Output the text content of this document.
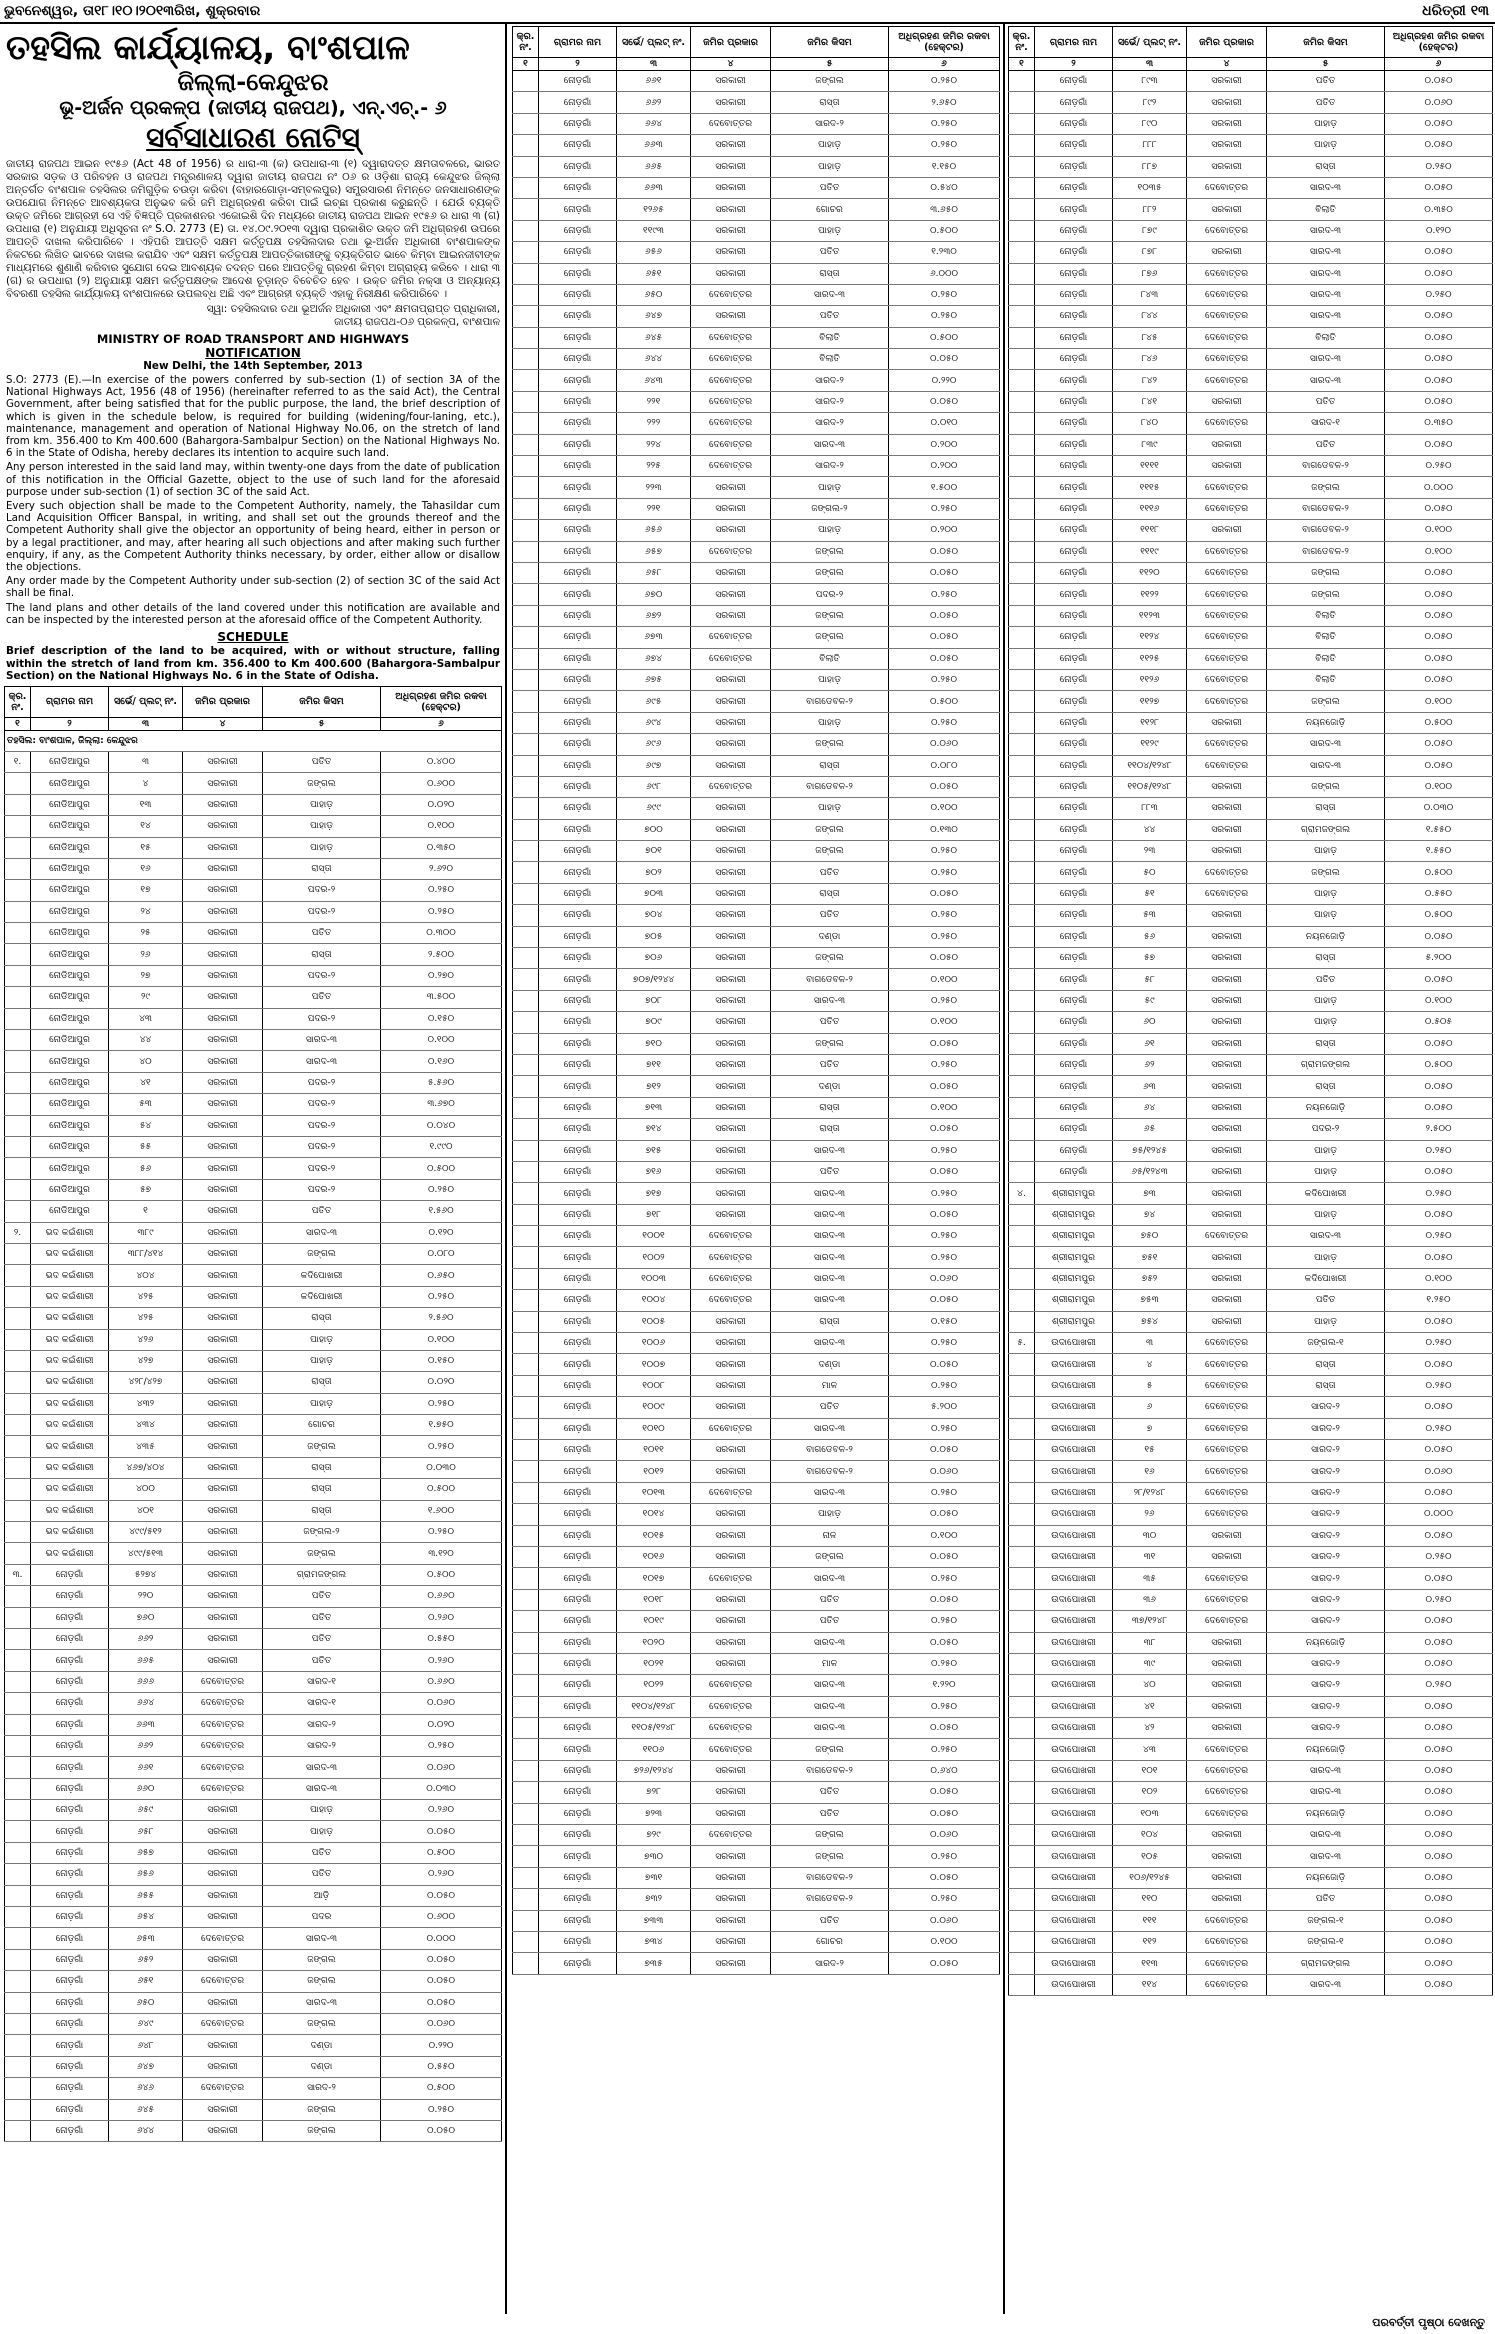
ଭୁବନେଶ୍ୱର, ତା୧୮।୧୦।୨୦୧୩ରିଖ, ଶୁକ୍ରବାର	ଧରିତ୍ରୀ ୧୩
ତହସିଲ କାର୍ଯ୍ୟାଳୟ, ବାଂଶପାଳ
ଜିଲ୍ଲା-କେନ୍ଦୁଝର
ଭୂ-ଅର୍ଜନ ପ୍ରକଳ୍ପ (ଜାତୀୟ ରାଜପଥ), ଏନ୍.ଏଚ୍.- ୬
ସର୍ବସାଧାରଣ ନୋଟିସ୍
ଜାତୀୟ ରାଜପଥ ଆଇନ ୧୯୫୬ (Act 48 of 1956) ର ଧାରା-୩ (କ) ଉପଧାରା-୩ (୧) ଦ୍ୱାରାଦତ୍ତ କ୍ଷମତାବଳରେ, ଭାରତ ସରକାର ସଡ଼କ ଓ ପରିବହନ ଓ ରାଜପଥ ମନ୍ତ୍ରଣାଳୟ ଦ୍ୱାରା ଜାତୀୟ ରାଜପଥ ନଂ ୦୬ ର ଓଡ଼ିଶା ରାଜ୍ୟ କେନ୍ଦୁଝର ଜିଲ୍ଲା ଅନ୍ତର୍ଗତ ବାଂଶପାଳ ତହସିଲର ଜମିଗୁଡ଼ିକ ଚଉଡ଼ା କରିବା (ବାହାରଗୋଡ଼ା-ସମ୍ବଲପୁର) ସମ୍ପ୍ରସାରଣ ନିମନ୍ତେ ଜନସାଧାରଣଙ୍କ ଉପଯୋଗ ନିମନ୍ତେ ଆବଶ୍ୟକତା ଅନୁଭବ କରି ଜମି ଅଧିଗ୍ରହଣ କରିବା ପାଇଁ ଇଚ୍ଛା ପ୍ରକାଶ କରୁଛନ୍ତି । ଯେଉଁ ବ୍ୟକ୍ତି ଉକ୍ତ ଜମିରେ ଆଗ୍ରହୀ ସେ ଏହି ବିଜ୍ଞପ୍ତି ପ୍ରକାଶନର ଏକୋଇଶି ଦିନ ମଧ୍ୟରେ ଜାତୀୟ ରାଜପଥ ଆଇନ ୧୯୫୬ ର ଧାରା ୩ (ଗ) ଉପଧାରା (୧) ଅନୁଯାୟୀ ଅଧିସୂଚନା ନଂ S.O. 2773 (E) ତା. ୧୪.୦୯.୨୦୧୩ ଦ୍ୱାରା ପ୍ରକାଶିତ ଉକ୍ତ ଜମି ଅଧିଗ୍ରହଣ ଉପରେ ଆପତ୍ତି ଦାଖଲ କରିପାରିବେ । ଏହିପରି ଆପତ୍ତି ସକ୍ଷମ କର୍ତ୍ତୃପକ୍ଷ ତହସିଲଦାର ତଥା ଭୂ-ଅର୍ଜନ ଅଧିକାରୀ ବାଂଶପାଳଙ୍କ ନିକଟରେ ଲିଖିତ ଭାବରେ ଦାଖଲ କରାଯିବ ଏବଂ ସକ୍ଷମ କର୍ତ୍ତୃପକ୍ଷ ଆପତ୍ତିକାରୀଙ୍କୁ ବ୍ୟକ୍ତିଗତ ଭାବେ କିମ୍ବା ଆଇନଜୀବୀଙ୍କ ମାଧ୍ୟମରେ ଶୁଣାଣି କରିବାର ସୁଯୋଗ ଦେଇ ଆବଶ୍ୟକ ତଦନ୍ତ ପରେ ଆପତ୍ତିକୁ ଗ୍ରହଣ କିମ୍ବା ଅଗ୍ରାହ୍ୟ କରିବେ । ଧାରା ୩ (ଗ) ର ଉପଧାରା (୨) ଅନୁଯାୟୀ ସକ୍ଷମ କର୍ତ୍ତୃପକ୍ଷଙ୍କ ଆଦେଶ ଚୂଡ଼ାନ୍ତ ବିବେଚିତ ହେବ । ଉକ୍ତ ଜମିର ନକ୍ସା ଓ ଅନ୍ୟାନ୍ୟ ବିବରଣୀ ତହସିଲ କାର୍ଯ୍ୟାଳୟ ବାଂଶପାଳରେ ଉପଲବ୍ଧ ଅଛି ଏବଂ ଆଗ୍ରହୀ ବ୍ୟକ୍ତି ଏହାକୁ ନିରୀକ୍ଷଣ କରିପାରିବେ ।
ସ୍ୱା: ତହସିଲଦାର ତଥା ଭୂଅର୍ଜନ ଅଧିକାରୀ ଏବଂ କ୍ଷମତାପ୍ରାପ୍ତ ପ୍ରାଧିକାରୀ,
ଜାତୀୟ ରାଜପଥ-୦୬ ପ୍ରକଳ୍ପ, ବାଂଶପାଳ
MINISTRY OF ROAD TRANSPORT AND HIGHWAYS
NOTIFICATION
New Delhi, the 14th September, 2013
S.O: 2773 (E).—In exercise of the powers conferred by sub-section (1) of section 3A of the National Highways Act, 1956 (48 of 1956) (hereinafter referred to as the said Act), the Central Government, after being satisfied that for the public purpose, the land, the brief description of which is given in the schedule below, is required for building (widening/four-laning, etc.), maintenance, management and operation of National Highway No.06, on the stretch of land from km. 356.400 to Km 400.600 (Bahargora-Sambalpur Section) on the National Highways No. 6 in the State of Odisha, hereby declares its intention to acquire such land.
Any person interested in the said land may, within twenty-one days from the date of publication of this notification in the Official Gazette, object to the use of such land for the aforesaid purpose under sub-section (1) of section 3C of the said Act.
Every such objection shall be made to the Competent Authority, namely, the Tahasildar cum Land Acquisition Officer Banspal, in writing, and shall set out the grounds thereof and the Competent Authority shall give the objector an opportunity of being heard, either in person or by a legal practitioner, and may, after hearing all such objections and after making such further enquiry, if any, as the Competent Authority thinks necessary, by order, either allow or disallow the objections.
Any order made by the Competent Authority under sub-section (2) of section 3C of the said Act shall be final.
The land plans and other details of the land covered under this notification are available and can be inspected by the interested person at the aforesaid office of the Competent Authority.
SCHEDULE
Brief description of the land to be acquired, with or without structure, falling within the stretch of land from km. 356.400 to Km 400.600 (Bahargora-Sambalpur Section) on the National Highways No. 6 in the State of Odisha.
କ୍ର. ନଂ.	ଗ୍ରାମର ନାମ	ସର୍ଭେ/ ପ୍ଲଟ୍ ନଂ.	ଜମିର ପ୍ରକାର	ଜମିର କିସମ	ଅଧିଗ୍ରହଣ ଜମିର ରକବା (ହେକ୍ଟର)
୧	୨	୩	୪	୫	୬
ତହସିଲ: ବାଂଶପାଳ, ଜିଲ୍ଲା: କେନ୍ଦୁଝର					
୧.	ନୋଡିଆପୁର	୩	ସରକାରୀ	ପତିତ	୦.୪୦୦
	ନୋଡିଆପୁର	୪	ସରକାରୀ	ଜଙ୍ଗଲ	୦.୬୦୦
	ନୋଡିଆପୁର	୧୩	ସରକାରୀ	ପାହାଡ଼	୦.୦୨୦
	ନୋଡିଆପୁର	୧୪	ସରକାରୀ	ପାହାଡ଼	୦.୧୦୦
	ନୋଡିଆପୁର	୧୫	ସରକାରୀ	ପାହାଡ଼	୦.୩୫୦
	ନୋଡିଆପୁର	୧୬	ସରକାରୀ	ରାସ୍ତା	୨.୬୨୦
	ନୋଡିଆପୁର	୧୭	ସରକାରୀ	ପଦର-୨	୦.୨୫୦
	ନୋଡିଆପୁର	୨୪	ସରକାରୀ	ପଦର-୨	୦.୨୫୦
	ନୋଡିଆପୁର	୨୫	ସରକାରୀ	ପତିତ	୦.୩୦୦
	ନୋଡିଆପୁର	୨୬	ସରକାରୀ	ରାସ୍ତା	୨.୫୦୦
	ନୋଡିଆପୁର	୨୭	ସରକାରୀ	ପଦର-୨	୦.୨୭୦
	ନୋଡିଆପୁର	୨୯	ସରକାରୀ	ପତିତ	୩.୫୦୦
	ନୋଡିଆପୁର	୪୩	ସରକାରୀ	ପଦର-୨	୦.୧୫୦
	ନୋଡିଆପୁର	୪୪	ସରକାରୀ	ସାରଦ-୩	୦.୧୦୦
	ନୋଡିଆପୁର	୪୦	ସରକାରୀ	ସାରଦ-୩	୦.୧୬୦
	ନୋଡିଆପୁର	୪୧	ସରକାରୀ	ପଦର-୨	୫.୫୬୦
	ନୋଡିଆପୁର	୫୩	ସରକାରୀ	ପଦର-୨	୩.୬୭୦
	ନୋଡିଆପୁର	୫୪	ସରକାରୀ	ପଦର-୨	୦.୦୪୦
	ନୋଡିଆପୁର	୫୫	ସରକାରୀ	ପଦର-୨	୧.୯୯୦
	ନୋଡିଆପୁର	୫୬	ସରକାରୀ	ପଦର-୨	୦.୫୦୦
	ନୋଡିଆପୁର	୫୭	ସରକାରୀ	ପଦର-୨	୦.୨୫୦
	ନୋଡିଆପୁର	୧	ସରକାରୀ	ପତିତ	୧.୫୬୦
୨.	ଭଦ କଇଁଶାରୀ	୩୮୯	ସରକାରୀ	ସାରଦ-୩	୦.୧୨୦
	ଭଦ କଇଁଶାରୀ	୩୮୮/୪୧୪	ସରକାରୀ	ଜଙ୍ଗଲ	୦.୦୮୦
	ଭଦ କଇଁଶାରୀ	୪୦୪	ସରକାରୀ	କଦିପୋଖରୀ	୦.୬୫୦
	ଭଦ କଇଁଶାରୀ	୪୨୫	ସରକାରୀ	କଦିପୋଖରୀ	୦.୨୫୦
	ଭଦ କଇଁଶାରୀ	୪୨୫	ସରକାରୀ	ରାସ୍ତା	୨.୫୬୦
	ଭଦ କଇଁଶାରୀ	୪୨୬	ସରକାରୀ	ପାହାଡ଼	୦.୧୦୦
	ଭଦ କଇଁଶାରୀ	୪୨୭	ସରକାରୀ	ପାହାଡ଼	୦.୧୫୦
	ଭଦ କଇଁଶାରୀ	୪୨୮/୪୨୭	ସରକାରୀ	ରାସ୍ତା	୦.୦୨୦
	ଭଦ କଇଁଶାରୀ	୪୩୨	ସରକାରୀ	ପାହାଡ଼	୦.୨୫୦
	ଭଦ କଇଁଶାରୀ	୪୩୪	ସରକାରୀ	ଗୋଚର	୧.୭୫୦
	ଭଦ କଇଁଶାରୀ	୪୩୫	ସରକାରୀ	ଜଙ୍ଗଲ	୦.୨୫୦
	ଭଦ କଇଁଶାରୀ	୪୬୭/୪୦୪	ସରକାରୀ	ରାସ୍ତା	୦.୦୩୦
	ଭଦ କଇଁଶାରୀ	୪୦୦	ସରକାରୀ	ରାସ୍ତା	୦.୫୦୦
	ଭଦ କଇଁଶାରୀ	୪୦୧	ସରକାରୀ	ରାସ୍ତା	୧.୬୦୦
	ଭଦ କଇଁଶାରୀ	୪୯୯/୫୧୨	ସରକାରୀ	ଜଙ୍ଗଲ-୨	୦.୨୫୦
	ଭଦ କଇଁଶାରୀ	୪୯୯/୫୧୩	ସରକାରୀ	ଜଙ୍ଗଲ	୩.୧୨୦
୩.	ନୋଡ଼ଗାଁ	୫୨୭୪	ସରକାରୀ	ଗ୍ରାମଜଙ୍ଗଲ	୦.୫୦୦
	ନୋଡ଼ଗାଁ	୨୨୦	ସରକାରୀ	ପତିତ	୦.୬୬୦
	ନୋଡ଼ଗାଁ	୭୬୦	ସରକାରୀ	ପତିତ	୦.୨୬୦
	ନୋଡ଼ଗାଁ	୬୬୨	ସରକାରୀ	ପତିତ	୦.୫୫୦
	ନୋଡ଼ଗାଁ	୬୬୫	ସରକାରୀ	ପତିତ	୦.୨୬୦
	ନୋଡ଼ଗାଁ	୬୬୬	ଦେବୋତ୍ତର	ସାରଦ-୧	୦.୬୬୦
	ନୋଡ଼ଗାଁ	୬୬୪	ଦେବୋତ୍ତର	ସାରଦ-୧	୦.୦୬୦
	ନୋଡ଼ଗାଁ	୬୬୩	ଦେବୋତ୍ତର	ସାରଦ-୨	୦.୦୨୦
	ନୋଡ଼ଗାଁ	୬୬୨	ଦେବୋତ୍ତର	ସାରଦ-୨	୦.୨୫୦
	ନୋଡ଼ଗାଁ	୬୬୧	ଦେବୋତ୍ତର	ସାରଦ-୩	୦.୦୬୦
	ନୋଡ଼ଗାଁ	୬୬୦	ଦେବୋତ୍ତର	ସାରଦ-୩	୦.୦୩୦
	ନୋଡ଼ଗାଁ	୬୫୯	ସରକାରୀ	ପାହାଡ଼	୦.୨୬୦
	ନୋଡ଼ଗାଁ	୬୫୮	ସରକାରୀ	ପାହାଡ଼	୦.୦୫୦
	ନୋଡ଼ଗାଁ	୬୫୭	ସରକାରୀ	ପତିତ	୦.୫୦୦
	ନୋଡ଼ଗାଁ	୬୫୬	ସରକାରୀ	ପତିତ	୦.୨୬୦
	ନୋଡ଼ଗାଁ	୬୫୫	ସରକାରୀ	ଆଡ଼ି	୦.୦୫୦
	ନୋଡ଼ଗାଁ	୬୫୪	ସରକାରୀ	ପଦର	୦.୬୦୦
	ନୋଡ଼ଗାଁ	୬୫୩	ଦେବୋତ୍ତର	ସାରଦ-୩	୦.୦୦୦
	ନୋଡ଼ଗାଁ	୬୫୨	ସରକାରୀ	ଜଙ୍ଗଲ	୦.୦୫୦
	ନୋଡ଼ଗାଁ	୬୫୧	ଦେବୋତ୍ତର	ଜଙ୍ଗଲ	୦.୦୫୦
	ନୋଡ଼ଗାଁ	୬୫୦	ସରକାରୀ	ସାରଦ-୩	୦.୦୫୦
	ନୋଡ଼ଗାଁ	୬୪୯	ଦେବୋତ୍ତର	ଜଙ୍ଗଲ	୦.୦୬୦
	ନୋଡ଼ଗାଁ	୬୪୮	ସରକାରୀ	ଦଣ୍ଡା	୦.୨୨୦
	ନୋଡ଼ଗାଁ	୬୪୭	ସରକାରୀ	ଦଣ୍ଡା	୦.୫୫୦
	ନୋଡ଼ଗାଁ	୬୪୬	ଦେବୋତ୍ତର	ସାରଦ-୨	୦.୫୦୦
	ନୋଡ଼ଗାଁ	୬୪୫	ସରକାରୀ	ଜଙ୍ଗଲ	୦.୨୫୦
	ନୋଡ଼ଗାଁ	୬୪୪	ସରକାରୀ	ଜଙ୍ଗଲ	୦.୦୫୦
କ୍ର. ନଂ.	ଗ୍ରାମର ନାମ	ସର୍ଭେ/ ପ୍ଲଟ୍ ନଂ.	ଜମିର ପ୍ରକାର	ଜମିର କିସମ	ଅଧିଗ୍ରହଣ ଜମିର ରକବା (ହେକ୍ଟର)
୧	୨	୩	୪	୫	୬
	ନୋଡ଼ଗାଁ	୬୬୧	ସରକାରୀ	ଜଙ୍ଗଲ	୦.୨୫୦
	ନୋଡ଼ଗାଁ	୬୬୨	ସରକାରୀ	ରାସ୍ତା	୨.୬୫୦
	ନୋଡ଼ଗାଁ	୬୬୪	ଦେବୋତ୍ତର	ସାରଦ-୨	୦.୨୫୦
	ନୋଡ଼ଗାଁ	୬୬୩	ସରକାରୀ	ପାହାଡ଼	୦.୨୫୦
	ନୋଡ଼ଗାଁ	୬୬୫	ସରକାରୀ	ପାହାଡ଼	୧.୧୫୦
	ନୋଡ଼ଗାଁ	୬୬୩	ସରକାରୀ	ପତିତ	୦.୫୪୦
	ନୋଡ଼ଗାଁ	୧୨୬୫	ସରକାରୀ	ଗୋଚର	୩.୬୫୦
	ନୋଡ଼ଗାଁ	୧୧୯୩	ସରକାରୀ	ପାହାଡ଼	୦.୫୦୦
	ନୋଡ଼ଗାଁ	୬୫୬	ସରକାରୀ	ପତିତ	୧.୨୩୦
	ନୋଡ଼ଗାଁ	୬୫୧	ସରକାରୀ	ରାସ୍ତା	୬.୦୦୦
	ନୋଡ଼ଗାଁ	୬୫୦	ଦେବୋତ୍ତର	ସାରଦ-୩	୦.୨୫୦
	ନୋଡ଼ଗାଁ	୬୪୭	ସରକାରୀ	ପତିତ	୦.୨୫୦
	ନୋଡ଼ଗାଁ	୬୪୫	ଦେବୋତ୍ତର	ବିଲାତି	୦.୫୦୦
	ନୋଡ଼ଗାଁ	୬୪୪	ଦେବୋତ୍ତର	ବିଲାତି	୦.୦୫୦
	ନୋଡ଼ଗାଁ	୬୪୩	ଦେବୋତ୍ତର	ସାରଦ-୨	୦.୨୨୦
	ନୋଡ଼ଗାଁ	୨୨୧	ଦେବୋତ୍ତର	ସାରଦ-୨	୦.୦୫୦
	ନୋଡ଼ଗାଁ	୨୨୨	ଦେବୋତ୍ତର	ସାରଦ-୨	୦.୦୧୦
	ନୋଡ଼ଗାଁ	୨୨୪	ଦେବୋତ୍ତର	ସାରଦ-୩	୦.୨୦୦
	ନୋଡ଼ଗାଁ	୨୨୫	ଦେବୋତ୍ତର	ସାରଦ-୨	୦.୨୦୦
	ନୋଡ଼ଗାଁ	୨୨୩	ସରକାରୀ	ପାହାଡ଼	୧.୫୦୦
	ନୋଡ଼ଗାଁ	୨୨୧	ସରକାରୀ	ଜଙ୍ଗଲ-୨	୦.୨୫୦
	ନୋଡ଼ଗାଁ	୬୫୬	ସରକାରୀ	ପାହାଡ଼	୦.୨୦୦
	ନୋଡ଼ଗାଁ	୬୫୭	ଦେବୋତ୍ତର	ଜଙ୍ଗଲ	୦.୦୫୦
	ନୋଡ଼ଗାଁ	୬୫୮	ସରକାରୀ	ଜଙ୍ଗଲ	୦.୦୫୦
	ନୋଡ଼ଗାଁ	୬୭୦	ସରକାରୀ	ପଦର-୨	୦.୨୫୦
	ନୋଡ଼ଗାଁ	୬୭୨	ସରକାରୀ	ଜଙ୍ଗଲ	୦.୦୫୦
	ନୋଡ଼ଗାଁ	୬୭୩	ଦେବୋତ୍ତର	ଜଙ୍ଗଲ	୦.୦୫୦
	ନୋଡ଼ଗାଁ	୬୭୪	ଦେବୋତ୍ତର	ବିଲାତି	୦.୦୫୦
	ନୋଡ଼ଗାଁ	୬୭୫	ସରକାରୀ	ପାହାଡ଼	୦.୨୫୦
	ନୋଡ଼ଗାଁ	୬୯୫	ସରକାରୀ	ବାଗଡେବଳ-୨	୦.୫୦୦
	ନୋଡ଼ଗାଁ	୬୯୪	ସରକାରୀ	ପାହାଡ଼	୦.୨୫୦
	ନୋଡ଼ଗାଁ	୬୯୬	ସରକାରୀ	ଜଙ୍ଗଲ	୦.୦୬୦
	ନୋଡ଼ଗାଁ	୬୯୭	ସରକାରୀ	ରାସ୍ତା	୦.୦୮୦
	ନୋଡ଼ଗାଁ	୬୯୮	ଦେବୋତ୍ତର	ବାଗଡେବଳ-୨	୦.୦୫୦
	ନୋଡ଼ଗାଁ	୬୯୯	ସରକାରୀ	ପାହାଡ଼	୦.୧୦୦
	ନୋଡ଼ଗାଁ	୭୦୦	ସରକାରୀ	ଜଙ୍ଗଲ	୦.୧୩୦
	ନୋଡ଼ଗାଁ	୭୦୧	ସରକାରୀ	ଜଙ୍ଗଲ	୦.୨୫୦
	ନୋଡ଼ଗାଁ	୭୦୨	ସରକାରୀ	ପତିତ	୦.୨୫୦
	ନୋଡ଼ଗାଁ	୭୦୩	ସରକାରୀ	ରାସ୍ତା	୦.୦୫୦
	ନୋଡ଼ଗାଁ	୭୦୪	ସରକାରୀ	ପତିତ	୦.୨୫୦
	ନୋଡ଼ଗାଁ	୭୦୫	ସରକାରୀ	ଦଣ୍ଡା	୦.୨୫୦
	ନୋଡ଼ଗାଁ	୭୦୬	ସରକାରୀ	ଜଙ୍ଗଲ	୦.୦୫୦
	ନୋଡ଼ଗାଁ	୭୦୭/୧୨୪୪	ସରକାରୀ	ବାଗଡେବଳ-୨	୦.୧୦୦
	ନୋଡ଼ଗାଁ	୭୦୮	ସରକାରୀ	ସାରଦ-୩	୦.୨୫୦
	ନୋଡ଼ଗାଁ	୭୦୯	ସରକାରୀ	ପତିତ	୦.୧୦୦
	ନୋଡ଼ଗାଁ	୭୧୦	ସରକାରୀ	ଜଙ୍ଗଲ	୦.୦୫୦
	ନୋଡ଼ଗାଁ	୭୧୧	ସରକାରୀ	ପତିତ	୦.୨୫୦
	ନୋଡ଼ଗାଁ	୭୧୨	ସରକାରୀ	ଦଣ୍ଡା	୦.୦୫୦
	ନୋଡ଼ଗାଁ	୭୧୩	ସରକାରୀ	ରାସ୍ତା	୦.୧୦୦
	ନୋଡ଼ଗାଁ	୭୧୪	ସରକାରୀ	ରାସ୍ତା	୦.୦୫୦
	ନୋଡ଼ଗାଁ	୭୧୫	ସରକାରୀ	ସାରଦ-୩	୦.୨୫୦
	ନୋଡ଼ଗାଁ	୭୧୬	ସରକାରୀ	ପତିତ	୦.୦୫୦
	ନୋଡ଼ଗାଁ	୭୧୭	ସରକାରୀ	ସାରଦ-୩	୦.୨୫୦
	ନୋଡ଼ଗାଁ	୭୧୮	ସରକାରୀ	ସାରଦ-୩	୦.୦୫୦
	ନୋଡ଼ଗାଁ	୧୦୦୧	ଦେବୋତ୍ତର	ସାରଦ-୩	୦.୨୫୦
	ନୋଡ଼ଗାଁ	୧୦୦୨	ଦେବୋତ୍ତର	ସାରଦ-୩	୦.୨୫୦
	ନୋଡ଼ଗାଁ	୧୦୦୩	ଦେବୋତ୍ତର	ସାରଦ-୩	୦.୦୬୦
	ନୋଡ଼ଗାଁ	୧୦୦୪	ଦେବୋତ୍ତର	ସାରଦ-୩	୦.୦୫୦
	ନୋଡ଼ଗାଁ	୧୦୦୫	ସରକାରୀ	ରାସ୍ତା	୦.୧୫୦
	ନୋଡ଼ଗାଁ	୧୦୦୬	ସରକାରୀ	ସାରଦ-୩	୦.୨୫୦
	ନୋଡ଼ଗାଁ	୧୦୦୭	ସରକାରୀ	ଦଣ୍ଡା	୦.୦୫୦
	ନୋଡ଼ଗାଁ	୧୦୦୮	ସରକାରୀ	ମାଳ	୦.୨୫୦
	ନୋଡ଼ଗାଁ	୧୦୦୯	ସରକାରୀ	ପତିତ	୫.୨୦୦
	ନୋଡ଼ଗାଁ	୧୦୧୦	ଦେବୋତ୍ତର	ସାରଦ-୩	୦.୨୫୦
	ନୋଡ଼ଗାଁ	୧୦୧୧	ସରକାରୀ	ବାଗଡେବଳ-୨	୦.୦୫୦
	ନୋଡ଼ଗାଁ	୧୦୧୨	ସରକାରୀ	ବାଗଡେବଳ-୨	୦.୦୬୦
	ନୋଡ଼ଗାଁ	୧୦୧୩	ଦେବୋତ୍ତର	ସାରଦ-୩	୦.୨୫୦
	ନୋଡ଼ଗାଁ	୧୦୧୪	ସରକାରୀ	ପାହାଡ଼	୦.୦୫୦
	ନୋଡ଼ଗାଁ	୧୦୧୫	ସରକାରୀ	ନାଳ	୦.୧୦୦
	ନୋଡ଼ଗାଁ	୧୦୧୬	ସରକାରୀ	ଜଙ୍ଗଲ	୦.୦୫୦
	ନୋଡ଼ଗାଁ	୧୦୧୭	ଦେବୋତ୍ତର	ସାରଦ-୩	୦.୨୫୦
	ନୋଡ଼ଗାଁ	୧୦୧୮	ସରକାରୀ	ପତିତ	୦.୦୫୦
	ନୋଡ଼ଗାଁ	୧୦୧୯	ସରକାରୀ	ପତିତ	୦.୨୫୦
	ନୋଡ଼ଗାଁ	୧୦୨୦	ସରକାରୀ	ସାରଦ-୩	୦.୦୫୦
	ନୋଡ଼ଗାଁ	୧୦୨୧	ସରକାରୀ	ମାଳ	୦.୨୫୦
	ନୋଡ଼ଗାଁ	୧୦୨୨	ଦେବୋତ୍ତର	ସାରଦ-୩	୧.୨୨୦
	ନୋଡ଼ଗାଁ	୧୧୦୪/୧୨୪୮	ଦେବୋତ୍ତର	ସାରଦ-୩	୦.୨୫୦
	ନୋଡ଼ଗାଁ	୧୧୦୫/୧୨୪୮	ଦେବୋତ୍ତର	ସାରଦ-୩	୦.୦୫୦
	ନୋଡ଼ଗାଁ	୧୧୦୬	ଦେବୋତ୍ତର	ଜଙ୍ଗଲ	୦.୨୫୦
	ନୋଡ଼ଗାଁ	୭୨୬/୧୨୪୪	ସରକାରୀ	ବାଗଡେବଳ-୨	୦.୬୪୦
	ନୋଡ଼ଗାଁ	୭୨୮	ସରକାରୀ	ପତିତ	୦.୦୫୦
	ନୋଡ଼ଗାଁ	୭୨୩	ସରକାରୀ	ପତିତ	୦.୦୫୦
	ନୋଡ଼ଗାଁ	୭୨୯	ଦେବୋତ୍ତର	ଜଙ୍ଗଲ	୦.୦୬୦
	ନୋଡ଼ଗାଁ	୭୩୦	ସରକାରୀ	ଜଙ୍ଗଲ	୦.୨୫୦
	ନୋଡ଼ଗାଁ	୭୩୧	ସରକାରୀ	ବାଗଡେବଳ-୨	୦.୦୫୦
	ନୋଡ଼ଗାଁ	୭୩୨	ସରକାରୀ	ବାଗଡେବଳ-୨	୦.୨୫୦
	ନୋଡ଼ଗାଁ	୭୩୩	ସରକାରୀ	ପତିତ	୦.୦୬୦
	ନୋଡ଼ଗାଁ	୭୩୪	ସରକାରୀ	ଗୋଚର	୦.୧୦୦
	ନୋଡ଼ଗାଁ	୭୩୫	ସରକାରୀ	ସାରଦ-୨	୦.୦୫୦
କ୍ର. ନଂ.	ଗ୍ରାମର ନାମ	ସର୍ଭେ/ ପ୍ଲଟ୍ ନଂ.	ଜମିର ପ୍ରକାର	ଜମିର କିସମ	ଅଧିଗ୍ରହଣ ଜମିର ରକବା (ହେକ୍ଟର)
୧	୨	୩	୪	୫	୬
	ନୋଡ଼ଗାଁ	୮୯୩	ସରକାରୀ	ପତିତ	୦.୦୫୦
	ନୋଡ଼ଗାଁ	୮୯୨	ସରକାରୀ	ପତିତ	୦.୦୬୦
	ନୋଡ଼ଗାଁ	୮୯୦	ସରକାରୀ	ପାହାଡ଼	୦.୦୫୦
	ନୋଡ଼ଗାଁ	୮୮୮	ସରକାରୀ	ପାହାଡ଼	୦.୦୫୦
	ନୋଡ଼ଗାଁ	୮୮୭	ସରକାରୀ	ରାସ୍ତା	୦.୨୫୦
	ନୋଡ଼ଗାଁ	୧୦୩୫	ଦେବୋତ୍ତର	ସାରଦ-୩	୦.୦୫୦
	ନୋଡ଼ଗାଁ	୮୮୨	ସରକାରୀ	ବିଲାତି	୦.୩୫୦
	ନୋଡ଼ଗାଁ	୮୭୯	ଦେବୋତ୍ତର	ସାରଦ-୩	୦.୧୨୦
	ନୋଡ଼ଗାଁ	୮୭୮	ସରକାରୀ	ସାରଦ-୩	୦.୦୫୦
	ନୋଡ଼ଗାଁ	୮୭୬	ଦେବୋତ୍ତର	ସାରଦ-୩	୦.୦୫୦
	ନୋଡ଼ଗାଁ	୮୪୩	ଦେବୋତ୍ତର	ସାରଦ-୩	୦.୨୫୦
	ନୋଡ଼ଗାଁ	୮୪୪	ଦେବୋତ୍ତର	ସାରଦ-୩	୦.୦୫୦
	ନୋଡ଼ଗାଁ	୮୪୫	ଦେବୋତ୍ତର	ବିଲାତି	୦.୦୫୦
	ନୋଡ଼ଗାଁ	୮୪୬	ଦେବୋତ୍ତର	ସାରଦ-୩	୦.୦୫୦
	ନୋଡ଼ଗାଁ	୮୪୨	ଦେବୋତ୍ତର	ସାରଦ-୩	୦.୦୫୦
	ନୋଡ଼ଗାଁ	୮୪୧	ସରକାରୀ	ପତିତ	୦.୦୫୦
	ନୋଡ଼ଗାଁ	୮୪୦	ଦେବୋତ୍ତର	ସାରଦ-୧	୦.୩୫୦
	ନୋଡ଼ଗାଁ	୮୩୯	ସରକାରୀ	ପତିତ	୦.୦୫୦
	ନୋଡ଼ଗାଁ	୧୧୧୧	ସରକାରୀ	ବାଗଡେବଳ-୨	୦.୨୫୦
	ନୋଡ଼ଗାଁ	୧୧୧୫	ଦେବୋତ୍ତର	ଜଙ୍ଗଲ	୦.୦୦୦
	ନୋଡ଼ଗାଁ	୧୧୧୬	ଦେବୋତ୍ତର	ବାଗଡେବଳ-୨	୦.୦୫୦
	ନୋଡ଼ଗାଁ	୧୧୧୮	ସରକାରୀ	ବାଗଡେବଳ-୨	୦.୧୦୦
	ନୋଡ଼ଗାଁ	୧୧୧୯	ଦେବୋତ୍ତର	ବାଗଡେବଳ-୨	୦.୧୦୦
	ନୋଡ଼ଗାଁ	୧୧୨୦	ଦେବୋତ୍ତର	ଜଙ୍ଗଲ	୦.୦୫୦
	ନୋଡ଼ଗାଁ	୧୧୨୨	ଦେବୋତ୍ତର	ଜଙ୍ଗଲ	୦.୦୫୦
	ନୋଡ଼ଗାଁ	୧୧୨୩	ଦେବୋତ୍ତର	ବିଲାତି	୦.୦୫୦
	ନୋଡ଼ଗାଁ	୧୧୨୪	ଦେବୋତ୍ତର	ବିଲାତି	୦.୦୫୦
	ନୋଡ଼ଗାଁ	୧୧୨୫	ଦେବୋତ୍ତର	ବିଲାତି	୦.୦୫୦
	ନୋଡ଼ଗାଁ	୧୧୨୬	ଦେବୋତ୍ତର	ବିଲାତି	୦.୦୫୦
	ନୋଡ଼ଗାଁ	୧୧୨୭	ଦେବୋତ୍ତର	ଜଙ୍ଗଲ	୦.୧୦୦
	ନୋଡ଼ଗାଁ	୧୧୨୮	ସରକାରୀ	ନୟନଜୋଡ଼ି	୦.୫୦୦
	ନୋଡ଼ଗାଁ	୧୧୨୯	ଦେବୋତ୍ତର	ସାରଦ-୩	୦.୦୫୦
	ନୋଡ଼ଗାଁ	୧୧୦୪/୧୨୪୮	ଦେବୋତ୍ତର	ସାରଦ-୩	୦.୦୫୦
	ନୋଡ଼ଗାଁ	୧୧୦୫/୧୨୪୮	ସରକାରୀ	ଜଙ୍ଗଲ	୦.୧୦୦
	ନୋଡ଼ଗାଁ	୮୮୩	ସରକାରୀ	ରାସ୍ତା	୦.୦୩୦
	ନୋଡ଼ଗାଁ	୪୪	ସରକାରୀ	ଗ୍ରାମଜଙ୍ଗଲ	୧.୫୫୦
	ନୋଡ଼ଗାଁ	୨୩	ସରକାରୀ	ପାହାଡ଼	୧.୫୫୦
	ନୋଡ଼ଗାଁ	୫୦	ଦେବୋତ୍ତର	ଜଙ୍ଗଲ	୦.୫୦୦
	ନୋଡ଼ଗାଁ	୫୧	ଦେବୋତ୍ତର	ପାହାଡ଼	୦.୫୫୦
	ନୋଡ଼ଗାଁ	୫୩	ସରକାରୀ	ପାହାଡ଼	୦.୫୦୦
	ନୋଡ଼ଗାଁ	୫୬	ସରକାରୀ	ନୟନଜୋଡ଼ି	୦.୦୫୦
	ନୋଡ଼ଗାଁ	୫୭	ସରକାରୀ	ରାସ୍ତା	୫.୨୦୦
	ନୋଡ଼ଗାଁ	୫୮	ସରକାରୀ	ପତିତ	୦.୦୫୦
	ନୋଡ଼ଗାଁ	୫୯	ସରକାରୀ	ପାହାଡ଼	୦.୧୦୦
	ନୋଡ଼ଗାଁ	୬୦	ସରକାରୀ	ପାହାଡ଼	୦.୫୦୫
	ନୋଡ଼ଗାଁ	୬୧	ସରକାରୀ	ରାସ୍ତା	୦.୦୫୦
	ନୋଡ଼ଗାଁ	୬୨	ସରକାରୀ	ଗ୍ରାମଜଙ୍ଗଲ	୦.୫୦୦
	ନୋଡ଼ଗାଁ	୬୩	ସରକାରୀ	ରାସ୍ତା	୦.୦୫୦
	ନୋଡ଼ଗାଁ	୬୪	ସରକାରୀ	ନୟନଜୋଡ଼ି	୦.୦୫୦
	ନୋଡ଼ଗାଁ	୬୫	ସରକାରୀ	ପଦର-୨	୨.୫୦୦
	ନୋଡ଼ଗାଁ	୭୫/୧୨୪୫	ସରକାରୀ	ପାହାଡ଼	୦.୨୫୦
	ନୋଡ଼ଗାଁ	୬୫/୧୨୪୩	ସରକାରୀ	ପାହାଡ଼	୦.୦୫୦
୪.	ଶ୍ରୀରାମପୁର	୭୩	ସରକାରୀ	କଦିପୋଖରୀ	୦.୨୫୦
	ଶ୍ରୀରାମପୁର	୭୪	ସରକାରୀ	ପାହାଡ଼	୦.୦୫୦
	ଶ୍ରୀରାମପୁର	୭୫୦	ଦେବୋତ୍ତର	ସାରଦ-୩	୦.୨୫୦
	ଶ୍ରୀରାମପୁର	୭୫୧	ସରକାରୀ	ପାହାଡ଼	୦.୦୫୦
	ଶ୍ରୀରାମପୁର	୭୫୨	ସରକାରୀ	କଦିପୋଖରୀ	୦.୧୦୦
	ଶ୍ରୀରାମପୁର	୭୫୩	ସରକାରୀ	ପତିତ	୧.୨୫୦
	ଶ୍ରୀରାମପୁର	୭୫୪	ସରକାରୀ	ପାହାଡ଼	୦.୦୫୦
୫.	ଉଦାପୋଖରୀ	୩	ଦେବୋତ୍ତର	ଜଙ୍ଗଲ-୧	୦.୨୫୦
	ଉଦାପୋଖରୀ	୪	ଦେବୋତ୍ତର	ରାସ୍ତା	୦.୦୫୦
	ଉଦାପୋଖରୀ	୫	ଦେବୋତ୍ତର	ରାସ୍ତା	୦.୨୫୦
	ଉଦାପୋଖରୀ	୬	ଦେବୋତ୍ତର	ସାରଦ-୨	୦.୦୫୦
	ଉଦାପୋଖରୀ	୭	ଦେବୋତ୍ତର	ସାରଦ-୨	୦.୨୫୦
	ଉଦାପୋଖରୀ	୧୫	ଦେବୋତ୍ତର	ସାରଦ-୨	୦.୦୫୦
	ଉଦାପୋଖରୀ	୧୬	ଦେବୋତ୍ତର	ସାରଦ-୨	୦.୦୬୦
	ଉଦାପୋଖରୀ	୨୮/୧୨୪୮	ଦେବୋତ୍ତର	ସାରଦ-୨	୦.୦୫୦
	ଉଦାପୋଖରୀ	୨୬	ଦେବୋତ୍ତର	ସାରଦ-୨	୦.୦୦୦
	ଉଦାପୋଖରୀ	୩୦	ସରକାରୀ	ସାରଦ-୨	୦.୦୫୦
	ଉଦାପୋଖରୀ	୩୧	ସରକାରୀ	ସାରଦ-୨	୦.୨୫୦
	ଉଦାପୋଖରୀ	୩୫	ଦେବୋତ୍ତର	ସାରଦ-୨	୦.୦୫୦
	ଉଦାପୋଖରୀ	୩୬	ଦେବୋତ୍ତର	ସାରଦ-୨	୦.୨୫୦
	ଉଦାପୋଖରୀ	୩୭/୧୨୪୮	ଦେବୋତ୍ତର	ସାରଦ-୨	୦.୦୫୦
	ଉଦାପୋଖରୀ	୩୮	ସରକାରୀ	ନୟନଜୋଡ଼ି	୦.୦୫୦
	ଉଦାପୋଖରୀ	୩୯	ସରକାରୀ	ସାରଦ-୨	୦.୦୫୦
	ଉଦାପୋଖରୀ	୪୦	ସରକାରୀ	ସାରଦ-୨	୦.୨୫୦
	ଉଦାପୋଖରୀ	୪୧	ସରକାରୀ	ସାରଦ-୨	୦.୦୫୦
	ଉଦାପୋଖରୀ	୪୨	ସରକାରୀ	ସାରଦ-୨	୦.୦୫୦
	ଉଦାପୋଖରୀ	୪୩	ଦେବୋତ୍ତର	ନୟନଜୋଡ଼ି	୦.୦୫୦
	ଉଦାପୋଖରୀ	୧୦୧	ଦେବୋତ୍ତର	ସାରଦ-୩	୦.୦୫୦
	ଉଦାପୋଖରୀ	୧୦୨	ଦେବୋତ୍ତର	ସାରଦ-୩	୦.୦୫୦
	ଉଦାପୋଖରୀ	୧୦୩	ଦେବୋତ୍ତର	ନୟନଜୋଡ଼ି	୦.୦୫୦
	ଉଦାପୋଖରୀ	୧୦୪	ସରକାରୀ	ସାରଦ-୩	୦.୦୫୦
	ଉଦାପୋଖରୀ	୧୦୫	ସରକାରୀ	ସାରଦ-୩	୦.୦୫୦
	ଉଦାପୋଖରୀ	୧୦୬/୧୨୪୫	ସରକାରୀ	ନୟନଜୋଡ଼ି	୦.୦୫୦
	ଉଦାପୋଖରୀ	୧୧୦	ସରକାରୀ	ପତିତ	୦.୦୫୦
	ଉଦାପୋଖରୀ	୧୧୧	ଦେବୋତ୍ତର	ଜଙ୍ଗଲ-୧	୦.୦୫୦
	ଉଦାପୋଖରୀ	୧୧୨	ଦେବୋତ୍ତର	ଜଙ୍ଗଲ-୧	୦.୦୫୦
	ଉଦାପୋଖରୀ	୧୧୩	ଦେବୋତ୍ତର	ଗ୍ରାମଜଙ୍ଗଲ	୦.୦୫୦
	ଉଦାପୋଖରୀ	୧୧୪	ଦେବୋତ୍ତର	ସାରଦ-୩	୦.୦୫୦
ପରବର୍ତ୍ତୀ ପୃଷ୍ଠା ଦେଖନ୍ତୁ
